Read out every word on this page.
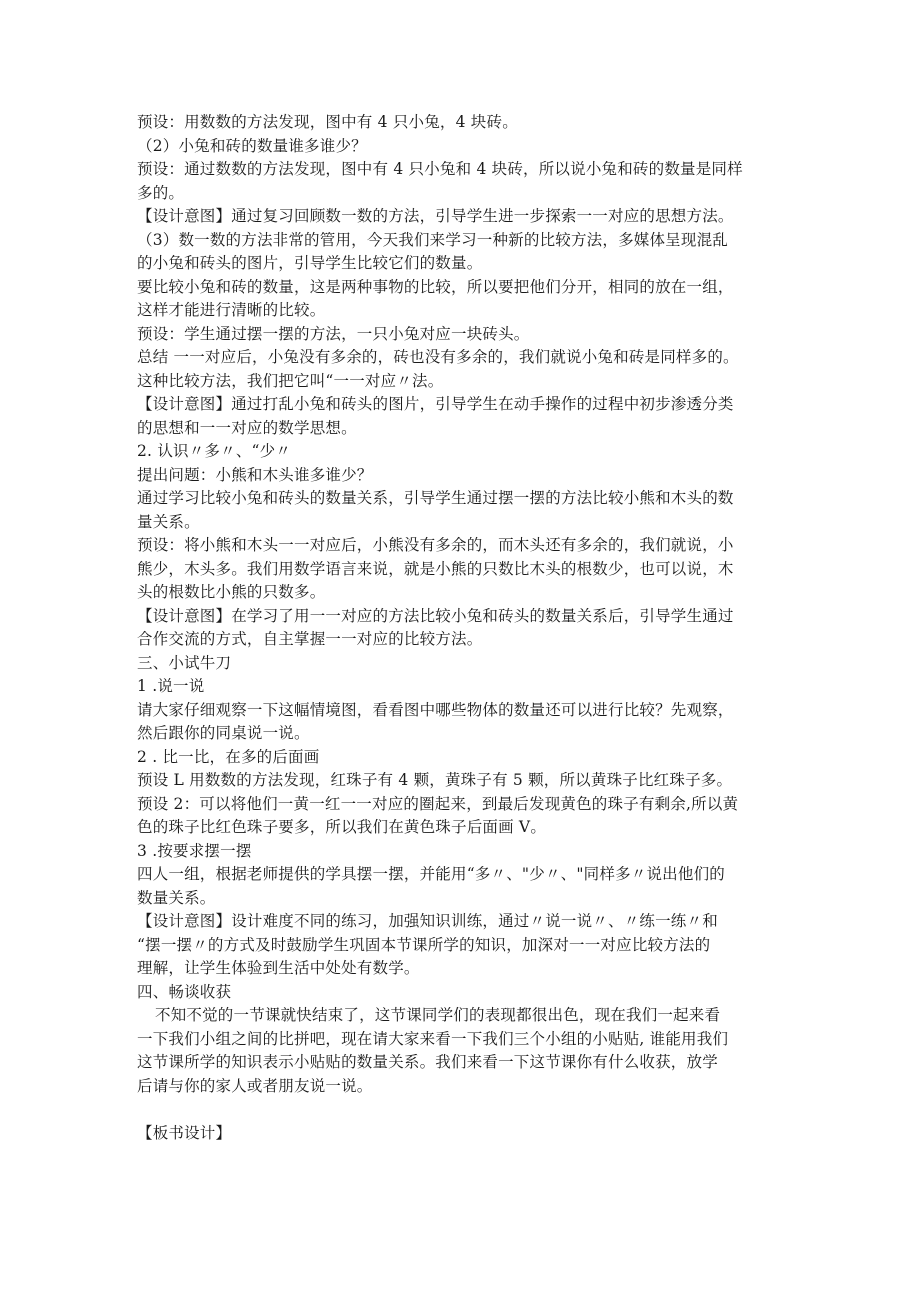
预设：用数数的方法发现，图中有 4 只小兔，4 块砖。
（2）小兔和砖的数量谁多谁少？
预设：通过数数的方法发现，图中有 4 只小兔和 4 块砖，所以说小兔和砖的数量是同样
多的。
【设计意图】通过复习回顾数一数的方法，引导学生进一步探索一一对应的思想方法。
（3）数一数的方法非常的管用，今天我们来学习一种新的比较方法，多媒体呈现混乱
的小兔和砖头的图片，引导学生比较它们的数量。
要比较小兔和砖的数量，这是两种事物的比较，所以要把他们分开，相同的放在一组，
这样才能进行清晰的比较。
预设：学生通过摆一摆的方法，一只小兔对应一块砖头。
总结 一一对应后，小兔没有多余的，砖也没有多余的，我们就说小兔和砖是同样多的。
这种比较方法，我们把它叫“一一对应〃法。
【设计意图】通过打乱小兔和砖头的图片，引导学生在动手操作的过程中初步渗透分类
的思想和一一对应的数学思想。
2. 认识〃多〃、“少〃
提出问题：小熊和木头谁多谁少？
通过学习比较小兔和砖头的数量关系，引导学生通过摆一摆的方法比较小熊和木头的数
量关系。
预设：将小熊和木头一一对应后，小熊没有多余的，而木头还有多余的，我们就说，小
熊少，木头多。我们用数学语言来说，就是小熊的只数比木头的根数少，也可以说，木
头的根数比小熊的只数多。
【设计意图】在学习了用一一对应的方法比较小兔和砖头的数量关系后，引导学生通过
合作交流的方式，自主掌握一一对应的比较方法。
三、小试牛刀
1 .说一说
请大家仔细观察一下这幅情境图，看看图中哪些物体的数量还可以进行比较？先观察，
然后跟你的同桌说一说。
2 . 比一比，在多的后面画
预设 L 用数数的方法发现，红珠子有 4 颗，黄珠子有 5 颗，所以黄珠子比红珠子多。
预设 2：可以将他们一黄一红一一对应的圈起来，到最后发现黄色的珠子有剩余,所以黄
色的珠子比红色珠子要多，所以我们在黄色珠子后面画 V。
3 .按要求摆一摆
四人一组，根据老师提供的学具摆一摆，并能用“多〃、"少〃、"同样多〃说出他们的
数量关系。
【设计意图】设计难度不同的练习，加强知识训练，通过〃说一说〃、〃练一练〃和
“摆一摆〃的方式及时鼓励学生巩固本节课所学的知识，加深对一一对应比较方法的
理解，让学生体验到生活中处处有数学。
四、畅谈收获
不知不觉的一节课就快结束了，这节课同学们的表现都很出色，现在我们一起来看
一下我们小组之间的比拼吧，现在请大家来看一下我们三个小组的小贴贴, 谁能用我们
这节课所学的知识表示小贴贴的数量关系。我们来看一下这节课你有什么收获，放学
后请与你的家人或者朋友说一说。
【板书设计】
